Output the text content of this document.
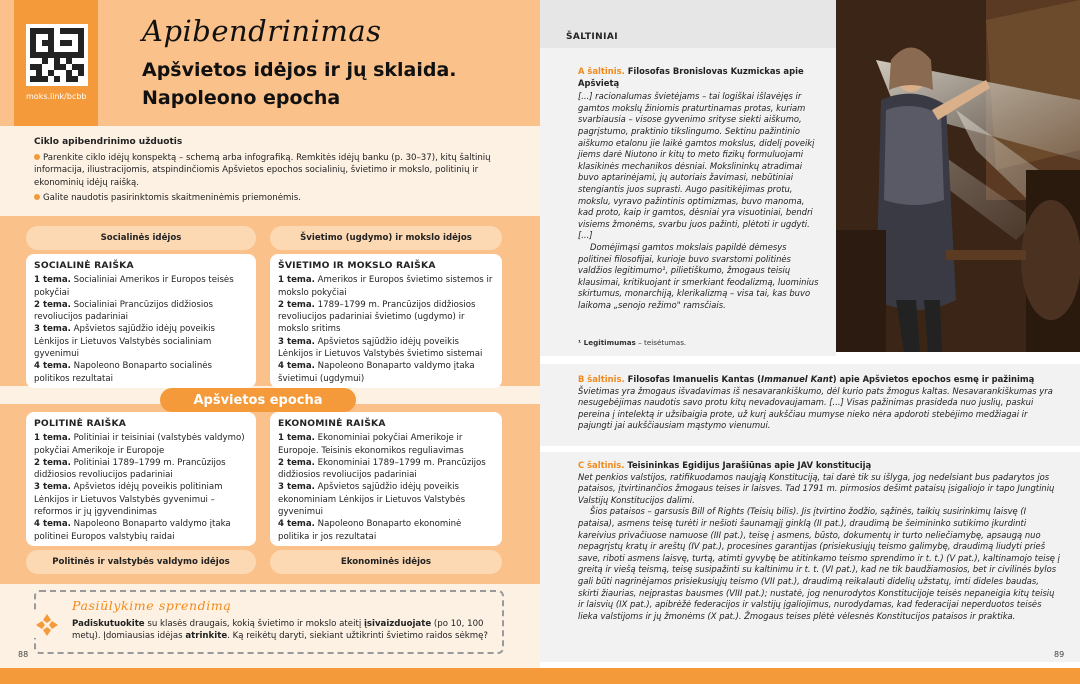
moks.link/bcbb
Apibendrinimas
Apšvietos idėjos ir jų sklaida.
Napoleono epocha
Ciklo apibendrinimo užduotis

Parenkite ciklo idėjų konspektą – schemą arba infografiką. Remkitės idėjų banku (p. 30–37), kitų šaltinių informacija, iliustracijomis, atspindinčiomis Apšvietos epochos socialinių, švietimo ir mokslo, politinių ir ekonominių idėjų raišką.

Galite naudotis pasirinktomis skaitmeninėmis priemonėmis.

Socialinės idėjos	Švietimo (ugdymo) ir mokslo idėjos
SOCIALINĖ RAIŠKA
1 tema. Socialiniai Amerikos ir Europos teisės pokyčiai
2 tema. Socialiniai Prancūzijos didžiosios revoliucijos padariniai
3 tema. Apšvietos sąjūdžio idėjų poveikis Lėnkijos ir Lietuvos Valstybės socialiniam gyvenimui
4 tema. Napoleono Bonaparto socialinės politikos rezultatai
ŠVIETIMO IR MOKSLO RAIŠKA
1 tema. Amerikos ir Europos švietimo sistemos ir mokslo pokyčiai
2 tema. 1789–1799 m. Prancūzijos didžiosios revoliucijos padariniai švietimo (ugdymo) ir mokslo sritims
3 tema. Apšvietos sąjūdžio idėjų poveikis Lėnkijos ir Lietuvos Valstybės švietimo sistemai
4 tema. Napoleono Bonaparto valdymo įtaka švietimui (ugdymui)
Apšvietos epocha
POLITINĖ RAIŠKA
1 tema. Politiniai ir teisiniai (valstybės valdymo) pokyčiai Amerikoje ir Europoje
2 tema. Politiniai 1789–1799 m. Prancūzijos didžiosios revoliucijos padariniai
3 tema. Apšvietos idėjų poveikis politiniam Lėnkijos ir Lietuvos Valstybės gyvenimui – reformos ir jų įgyvendinimas
4 tema. Napoleono Bonaparto valdymo įtaka politinei Europos valstybių raidai
EKONOMINĖ RAIŠKA
1 tema. Ekonominiai pokyčiai Amerikoje ir Europoje. Teisinis ekonomikos reguliavimas
2 tema. Ekonominiai 1789–1799 m. Prancūzijos didžiosios revoliucijos padariniai
3 tema. Apšvietos sąjūdžio idėjų poveikis ekonominiam Lėnkijos ir Lietuvos Valstybės gyvenimui
4 tema. Napoleono Bonaparto ekonominė politika ir jos rezultatai
Politinės ir valstybės valdymo idėjos	Ekonominės idėjos
Pasiūlykime sprendimą
Padiskutuokite su klasės draugais, kokią švietimo ir mokslo ateitį įsivaizduojate (po 10, 100 metų). Įdomiausias idėjas atrinkite. Ką reikėtų daryti, siekiant užtikrinti švietimo raidos sėkmę?
88
ŠALTINIAI
A šaltinis. Filosofas Bronislovas Kuzmickas apie Apšvietą
[...] racionalumas švietėjams – tai logiškai išlavėjęs ir gamtos mokslų žiniomis praturtinamas protas, kuriam svarbiausia – visose gyvenimo srityse siekti aiškumo, pagrįstumo, praktinio tikslingumo. Sektinu pažintinio aiškumo etalonu jie laikė gamtos mokslus, didelį poveikį jiems darė Niutono ir kitų to meto fizikų formuluojami klasikinės mechanikos dėsniai. Mokslininkų atradimai buvo aptarinėjami, jų autoriais žavimasi, nebūtiniai stengiantis juos suprasti. Augo pasitikėjimas protu, mokslu, vyravo pažintinis optimizmas, buvo manoma, kad proto, kaip ir gamtos, dėsniai yra visuotiniai, bendri visiems žmonėms, svarbu juos pažinti, plėtoti ir ugdyti. [...]
Domėjimąsi gamtos mokslais papildė dėmesys politinei filosofijai, kurioje buvo svarstomi politinės valdžios legitimumo¹, pilietiškumo, žmogaus teisių klausimai, kritikuojant ir smerkiant feodalizmą, luominius skirtumus, monarchiją, klerikalizmą – visa tai, kas buvo laikoma „senojo režimo" ramsčiais.
¹ Legitimumas – teisėtumas.
B šaltinis. Filosofas Imanuelis Kantas (Immanuel Kant) apie Apšvietos epochos esmę ir pažinimą
Švietimas yra žmogaus išvadavimas iš nesavarankiškumo, dėl kurio pats žmogus kaltas. Nesavarankiškumas yra nesugebėjimas naudotis savo protu kitų nevadovaujamam. [...] Visas pažinimas prasideda nuo juslių, paskui pereina į intelektą ir užsibaigia prote, už kurį aukščiau mumyse nieko nėra apdoroti stebėjimo medžiagai ir pajungti jai aukščiausiam mąstymo vienumui.
C šaltinis. Teisininkas Egidijus Jarašiūnas apie JAV konstituciją
Net penkios valstijos, ratifikuodamos naująją Konstituciją, tai darė tik su išlyga, jog nedelsiant bus padarytos jos pataisos, įtvirtinančios žmogaus teises ir laisves. Tad 1791 m. pirmosios dešimt pataisų įsigaliojo ir tapo Jungtinių Valstijų Konstitucijos dalimi.
Šios pataisos – garsusis Bill of Rights (Teisių bilis). Jis įtvirtino žodžio, sąžinės, taikių susirinkimų laisvę (I pataisa), asmens teisę turėti ir nešioti šaunamąjį ginklą (II pat.), draudimą be šeimininko sutikimo įkurdinti kareivius privačiuose namuose (III pat.), teisę į asmens, būsto, dokumentų ir turto neliečiamybę, apsaugą nuo nepagrįstų kratų ir areštų (IV pat.), procesines garantijas (prisiekusiųjų teismo galimybę, draudimą liudyti prieš save, riboti asmens laisvę, turtą, atimti gyvybę be atitinkamo teismo sprendimo ir t. t.) (V pat.), kaltinamojo teisę į greitą ir viešą teismą, teisę susipažinti su kaltinimu ir t. t. (VI pat.), kad ne tik baudžiamosios, bet ir civilinės bylos gali būti nagrinėjamos prisiekusiųjų teismo (VII pat.), draudimą reikalauti didelių užstatų, imti dideles baudas, skirti žiaurias, neįprastas bausmes (VIII pat.); nustatė, jog nenurodytos Konstitucijoje teisės nepaneigia kitų teisių ir laisvių (IX pat.), apibrėžė federacijos ir valstijų įgaliojimus, nurodydamas, kad federacijai neperduotos teisės lieka valstijoms ir jų žmonėms (X pat.). Žmogaus teises plėtė vėlesnės Konstitucijos pataisos ir praktika.
89
